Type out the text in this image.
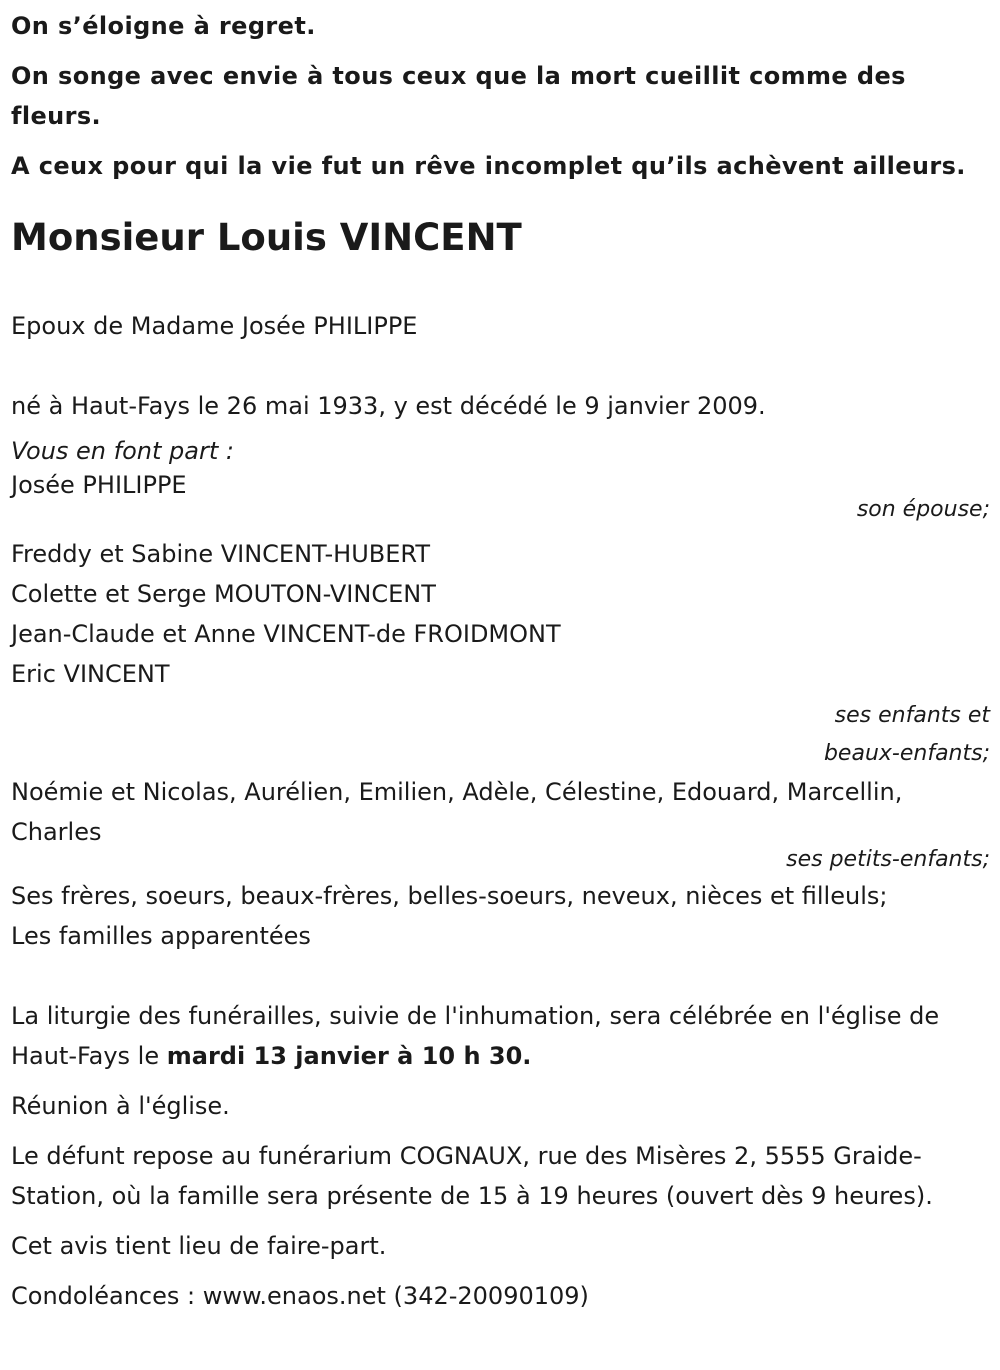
On s’éloigne à regret.

On songe avec envie à tous ceux que la mort cueillit comme des fleurs.

A ceux pour qui la vie fut un rêve incomplet qu’ils achèvent ailleurs.

Monsieur Louis VINCENT

Epoux de Madame Josée PHILIPPE

né à Haut-Fays le 26 mai 1933, y est décédé le 9 janvier 2009.

Vous en font part :

Josée PHILIPPE

son épouse;

Freddy et Sabine VINCENT-HUBERT

Colette et Serge MOUTON-VINCENT

Jean-Claude et Anne VINCENT-de FROIDMONT

Eric VINCENT

ses enfants et

beaux-enfants;

Noémie et Nicolas, Aurélien, Emilien, Adèle, Célestine, Edouard, Marcellin, Charles

ses petits-enfants;

Ses frères, soeurs, beaux-frères, belles-soeurs, neveux, nièces et filleuls;

Les familles apparentées

La liturgie des funérailles, suivie de l'inhumation, sera célébrée en l'église de Haut-Fays le mardi 13 janvier à 10 h 30.

Réunion à l'église.

Le défunt repose au funérarium COGNAUX, rue des Misères 2, 5555 Graide-Station, où la famille sera présente de 15 à 19 heures (ouvert dès 9 heures).

Cet avis tient lieu de faire-part.

Condoléances : www.enaos.net (342-20090109)
